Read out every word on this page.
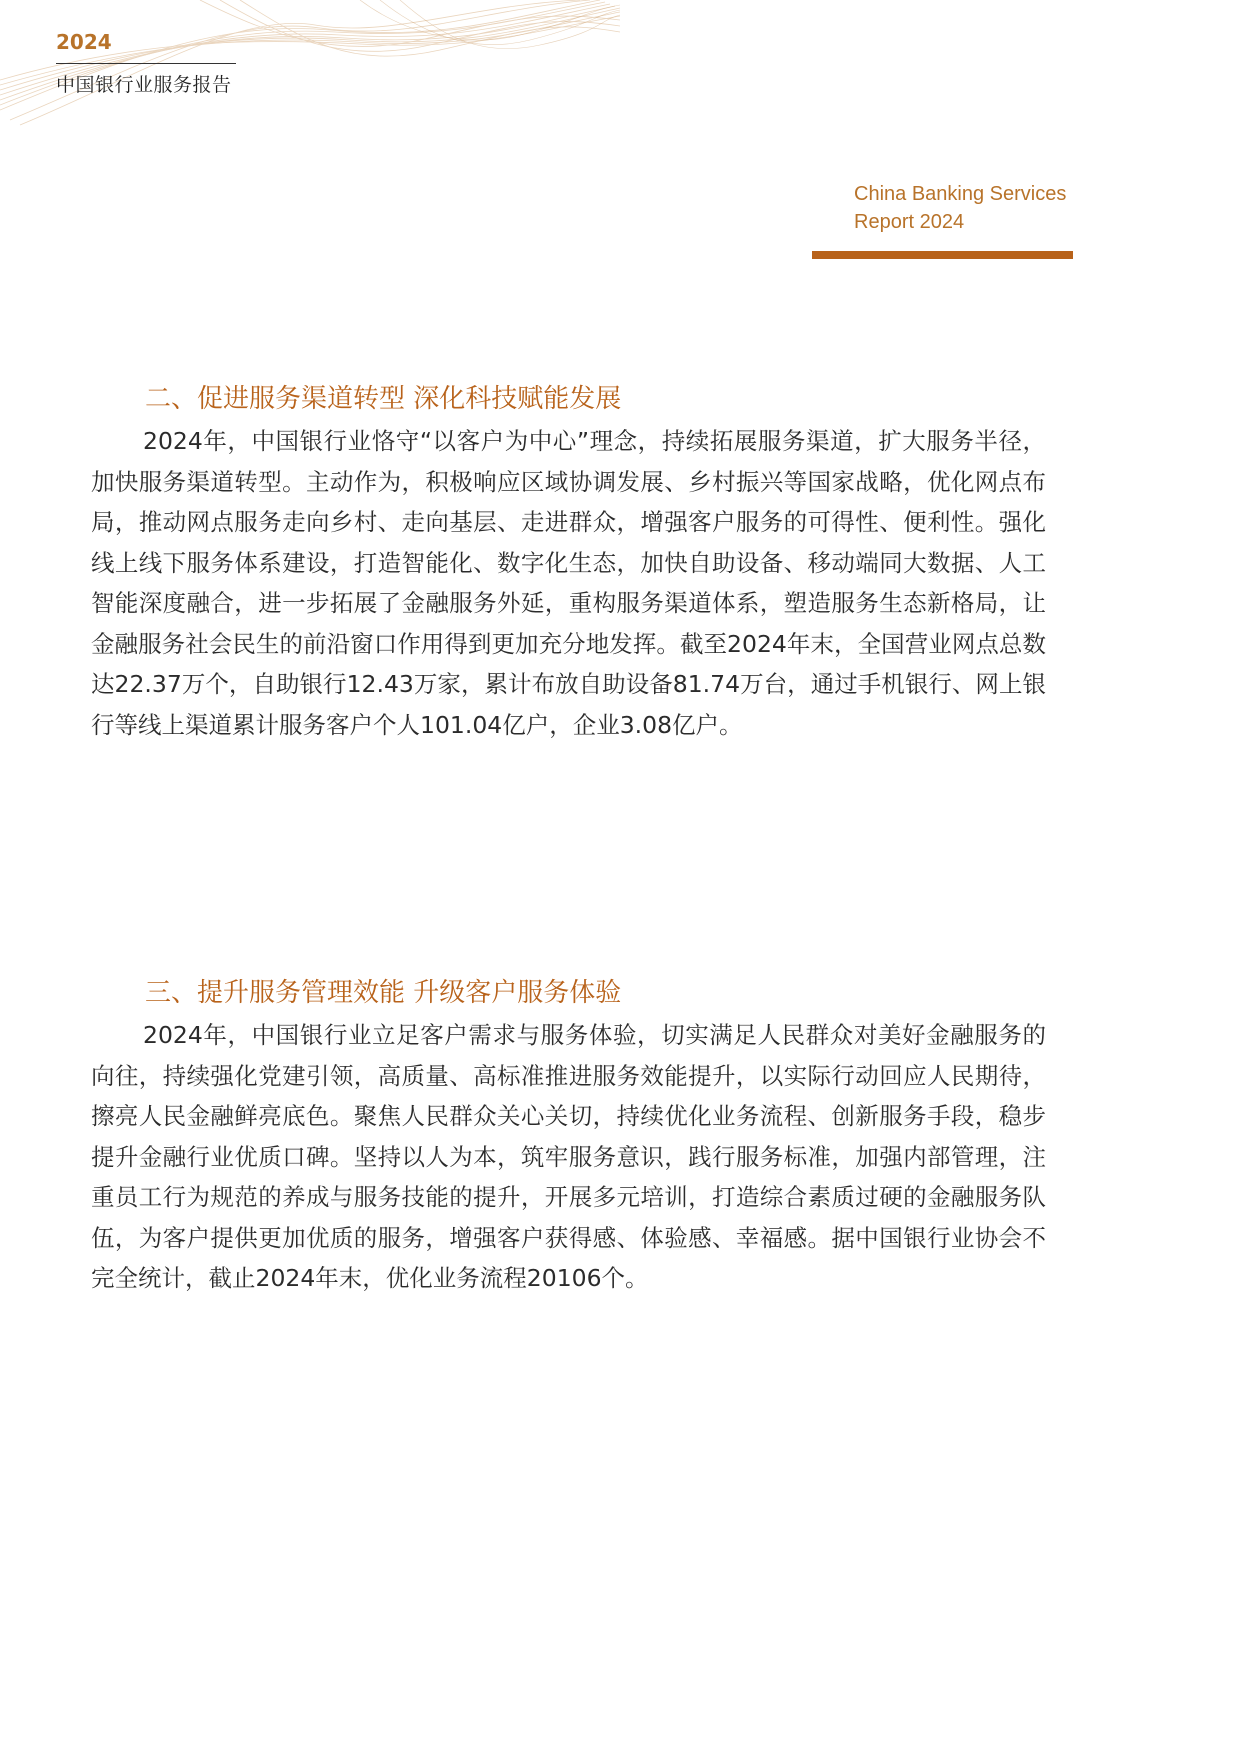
2024
中国银行业服务报告
China Banking Services
Report 2024
二、促进服务渠道转型 深化科技赋能发展

2024年，中国银行业恪守“以客户为中心”理念，持续拓展服务渠道，扩大服务半径，加快服务渠道转型。主动作为，积极响应区域协调发展、乡村振兴等国家战略，优化网点布局，推动网点服务走向乡村、走向基层、走进群众，增强客户服务的可得性、便利性。强化线上线下服务体系建设，打造智能化、数字化生态，加快自助设备、移动端同大数据、人工智能深度融合，进一步拓展了金融服务外延，重构服务渠道体系，塑造服务生态新格局，让金融服务社会民生的前沿窗口作用得到更加充分地发挥。截至2024年末，全国营业网点总数达22.37万个，自助银行12.43万家，累计布放自助设备81.74万台，通过手机银行、网上银行等线上渠道累计服务客户个人101.04亿户，企业3.08亿户。

三、提升服务管理效能 升级客户服务体验

2024年，中国银行业立足客户需求与服务体验，切实满足人民群众对美好金融服务的向往，持续强化党建引领，高质量、高标准推进服务效能提升，以实际行动回应人民期待，擦亮人民金融鲜亮底色。聚焦人民群众关心关切，持续优化业务流程、创新服务手段，稳步提升金融行业优质口碑。坚持以人为本，筑牢服务意识，践行服务标准，加强内部管理，注重员工行为规范的养成与服务技能的提升，开展多元培训，打造综合素质过硬的金融服务队伍，为客户提供更加优质的服务，增强客户获得感、体验感、幸福感。据中国银行业协会不完全统计，截止2024年末，优化业务流程20106个。
